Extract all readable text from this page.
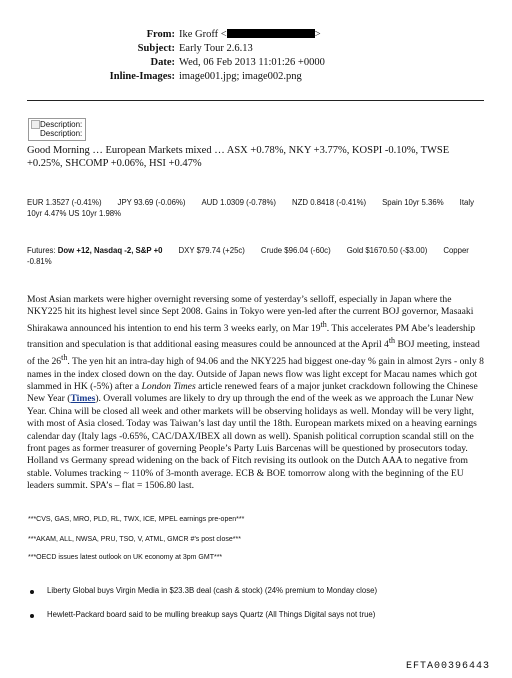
From: Ike Groff <	>
Subject: Early Tour 2.6.13
Date: Wed, 06 Feb 2013 11:01:26 +0000
Inline-Images: image001.jpg; image002.png
Description:
Description:
Good Morning … European Markets mixed … ASX +0.78%, NKY +3.77%, KOSPI -0.10%, TWSE +0.25%, SHCOMP +0.06%, HSI +0.47%
EUR 1.3527 (-0.41%) JPY 93.69 (-0.06%) AUD 1.0309 (-0.78%) NZD 0.8418 (-0.41%) Spain 10yr 5.36% Italy 10yr 4.47% US 10yr 1.98%
Futures: Dow +12, Nasdaq -2, S&P +0 DXY $79.74 (+25c) Crude $96.04 (-60c) Gold $1670.50 (-$3.00) Copper -0.81%
Most Asian markets were higher overnight reversing some of yesterday’s selloff, especially in Japan where the NKY225 hit its highest level since Sept 2008. Gains in Tokyo were yen-led after the current BOJ governor, Masaaki Shirakawa announced his intention to end his term 3 weeks early, on Mar 19th. This accelerates PM Abe’s leadership transition and speculation is that additional easing measures could be announced at the April 4th BOJ meeting, instead of the 26th. The yen hit an intra-day high of 94.06 and the NKY225 had biggest one-day % gain in almost 2yrs - only 8 names in the index closed down on the day. Outside of Japan news flow was light except for Macau names which got slammed in HK (-5%) after a London Times article renewed fears of a major junket crackdown following the Chinese New Year (Times). Overall volumes are likely to dry up through the end of the week as we approach the Lunar New Year. China will be closed all week and other markets will be observing holidays as well. Monday will be very light, with most of Asia closed. Today was Taiwan’s last day until the 18th. European markets mixed on a heaving earnings calendar day (Italy lags -0.65%, CAC/DAX/IBEX all down as well). Spanish political corruption scandal still on the front pages as former treasurer of governing People’s Party Luis Barcenas will be questioned by prosecutors today. Holland vs Germany spread widening on the back of Fitch revising its outlook on the Dutch AAA to negative from stable. Volumes tracking ~ 110% of 3-month average. ECB & BOE tomorrow along with the beginning of the EU leaders summit. SPA’s – flat = 1506.80 last.
***CVS, GAS, MRO, PLD, RL, TWX, ICE, MPEL earnings pre-open***
***AKAM, ALL, NWSA, PRU, TSO, V, ATML, GMCR #’s post close***
***OECD issues latest outlook on UK economy at 3pm GMT***
Liberty Global buys Virgin Media in $23.3B deal (cash & stock) (24% premium to Monday close)
Hewlett-Packard board said to be mulling breakup says Quartz (All Things Digital says not true)
EFTA00396443
